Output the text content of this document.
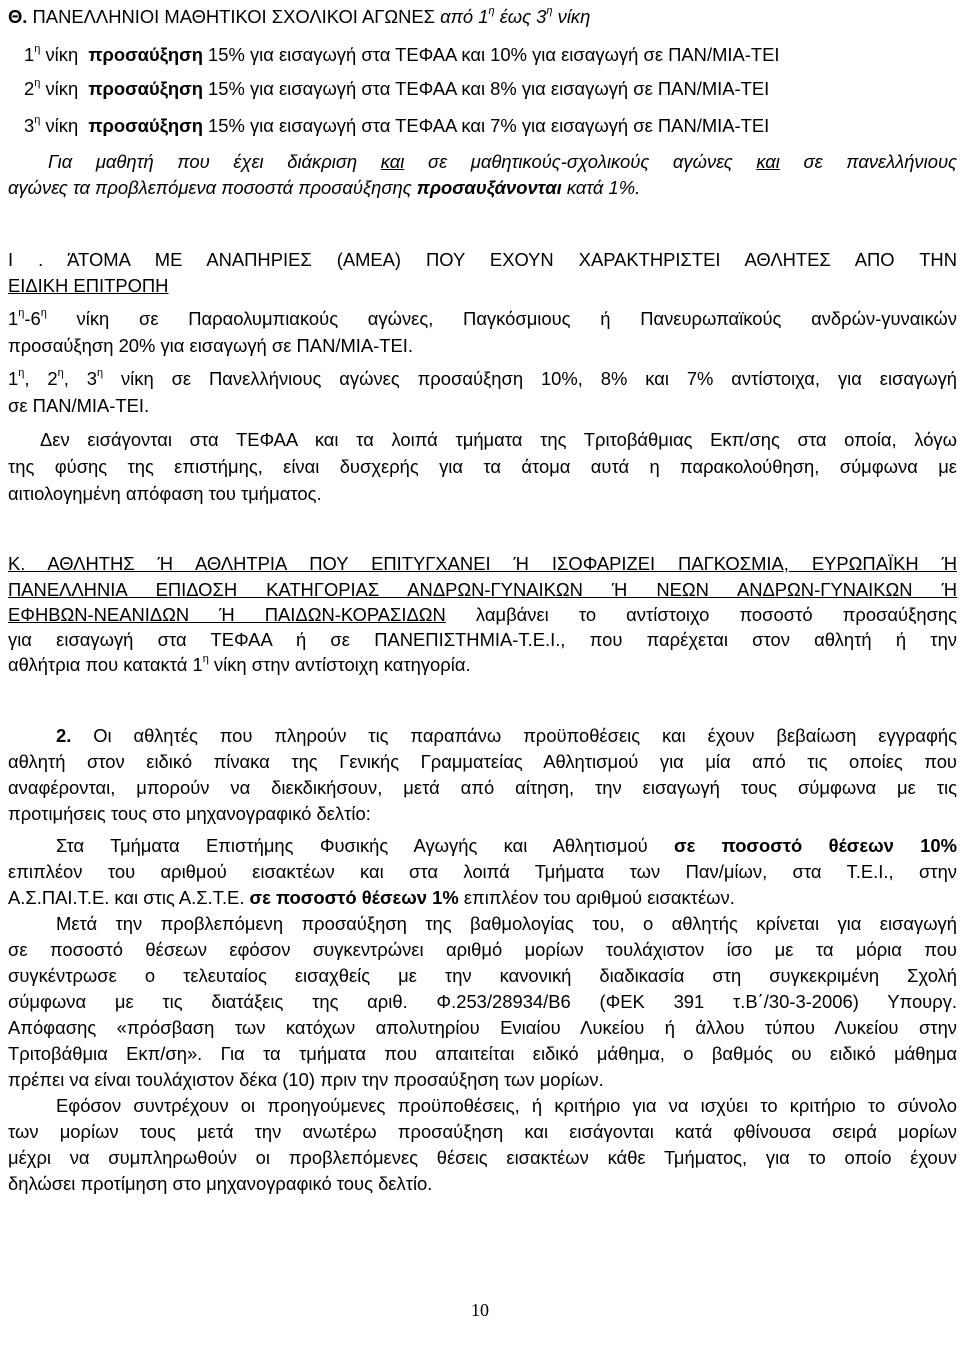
Θ. ΠΑΝΕΛΛΗΝΙΟΙ ΜΑΘΗΤΙΚΟΙ ΣΧΟΛΙΚΟΙ ΑΓΩΝΕΣ από $1^\eta$ έως $3^\eta$ νίκη
$1^\eta$ νίκη  προσαύξηση 15% για εισαγωγή στα ΤΕΦΑΑ και 10% για εισαγωγή σε ΠΑΝ/ΜΙΑ-ΤΕΙ
$2^\eta$ νίκη  προσαύξηση 15% για εισαγωγή στα ΤΕΦΑΑ και 8% για εισαγωγή σε ΠΑΝ/ΜΙΑ-ΤΕΙ
$3^\eta$ νίκη  προσαύξηση 15% για εισαγωγή στα ΤΕΦΑΑ και 7% για εισαγωγή σε ΠΑΝ/ΜΙΑ-ΤΕΙ
Για μαθητή που έχει διάκριση και σε μαθητικούς-σχολικούς αγώνες και σε πανελλήνιους
αγώνες τα προβλεπόμενα ποσοστά προσαύξησης προσαυξάνονται κατά 1%.
Ι . ΆΤΟΜΑ ΜΕ ΑΝΑΠΗΡΙΕΣ (ΑΜΕΑ) ΠΟΥ ΕΧΟΥΝ ΧΑΡΑΚΤΗΡΙΣΤΕΙ ΑΘΛΗΤΕΣ ΑΠΟ ΤΗΝ
ΕΙΔΙΚΗ ΕΠΙΤΡΟΠΗ
$1^\eta-6^\eta$ νίκη σε Παραολυμπιακούς αγώνες, Παγκόσμιους ή Πανευρωπαϊκούς ανδρών-γυναικών
προσαύξηση 20% για εισαγωγή σε ΠΑΝ/ΜΙΑ-ΤΕΙ.
$1^\eta$, $2^\eta$, $3^\eta$ νίκη σε Πανελλήνιους αγώνες προσαύξηση 10%, 8% και 7% αντίστοιχα, για εισαγωγή
σε ΠΑΝ/ΜΙΑ-ΤΕΙ.
Δεν εισάγονται στα ΤΕΦΑΑ και τα λοιπά τμήματα της Τριτοβάθμιας Εκπ/σης στα οποία, λόγω
της φύσης της επιστήμης, είναι δυσχερής για τα άτομα αυτά η παρακολούθηση, σύμφωνα με
αιτιολογημένη απόφαση του τμήματος.
Κ. ΑΘΛΗΤΗΣ Ή ΑΘΛΗΤΡΙΑ ΠΟΥ ΕΠΙΤΥΓΧΑΝΕΙ Ή ΙΣΟΦΑΡΙΖΕΙ ΠΑΓΚΟΣΜΙΑ, ΕΥΡΩΠΑΪΚΗ Ή
ΠΑΝΕΛΛΗΝΙΑ ΕΠΙΔΟΣΗ ΚΑΤΗΓΟΡΙΑΣ ΑΝΔΡΩΝ-ΓΥΝΑΙΚΩΝ Ή ΝΕΩΝ ΑΝΔΡΩΝ-ΓΥΝΑΙΚΩΝ Ή
ΕΦΗΒΩΝ-ΝΕΑΝΙΔΩΝ Ή ΠΑΙΔΩΝ-ΚΟΡΑΣΙΔΩΝ λαμβάνει το αντίστοιχο ποσοστό προσαύξησης
για εισαγωγή στα ΤΕΦΑΑ ή σε ΠΑΝΕΠΙΣΤΗΜΙΑ-Τ.Ε.Ι., που παρέχεται στον αθλητή ή την
αθλήτρια που κατακτά $1^\eta$ νίκη στην αντίστοιχη κατηγορία.
2. Οι αθλητές που πληρούν τις παραπάνω προϋποθέσεις και έχουν βεβαίωση εγγραφής
αθλητή στον ειδικό πίνακα της Γενικής Γραμματείας Αθλητισμού για μία από τις οποίες που
αναφέρονται, μπορούν να διεκδικήσουν, μετά από αίτηση, την εισαγωγή τους σύμφωνα με τις
προτιμήσεις τους στο μηχανογραφικό δελτίο:
Στα Τμήματα Επιστήμης Φυσικής Αγωγής και Αθλητισμού σε ποσοστό θέσεων 10%
επιπλέον του αριθμού εισακτέων και στα λοιπά Τμήματα των Παν/μίων, στα Τ.Ε.Ι., στην
Α.Σ.ΠΑΙ.Τ.Ε. και στις Α.Σ.Τ.Ε. σε ποσοστό θέσεων 1% επιπλέον του αριθμού εισακτέων.
Μετά την προβλεπόμενη προσαύξηση της βαθμολογίας του, ο αθλητής κρίνεται για εισαγωγή
σε ποσοστό θέσεων εφόσον συγκεντρώνει αριθμό μορίων τουλάχιστον ίσο με τα μόρια που
συγκέντρωσε ο τελευταίος εισαχθείς με την κανονική διαδικασία στη συγκεκριμένη Σχολή
σύμφωνα με τις διατάξεις της αριθ. Φ.253/28934/Β6 (ΦΕΚ 391 τ.Β΄/30-3-2006) Υπουργ.
Απόφασης «πρόσβαση των κατόχων απολυτηρίου Ενιαίου Λυκείου ή άλλου τύπου Λυκείου στην
Τριτοβάθμια Εκπ/ση». Για τα τμήματα που απαιτείται ειδικό μάθημα, ο βαθμός ου ειδικό μάθημα
πρέπει να είναι τουλάχιστον δέκα (10) πριν την προσαύξηση των μορίων.
Εφόσον συντρέχουν οι προηγούμενες προϋποθέσεις, ή κριτήριο για να ισχύει το κριτήριο το σύνολο
των μορίων τους μετά την ανωτέρω προσαύξηση και εισάγονται κατά φθίνουσα σειρά μορίων
μέχρι να συμπληρωθούν οι προβλεπόμενες θέσεις εισακτέων κάθε Τμήματος, για το οποίο έχουν
δηλώσει προτίμηση στο μηχανογραφικό τους δελτίο.
10
